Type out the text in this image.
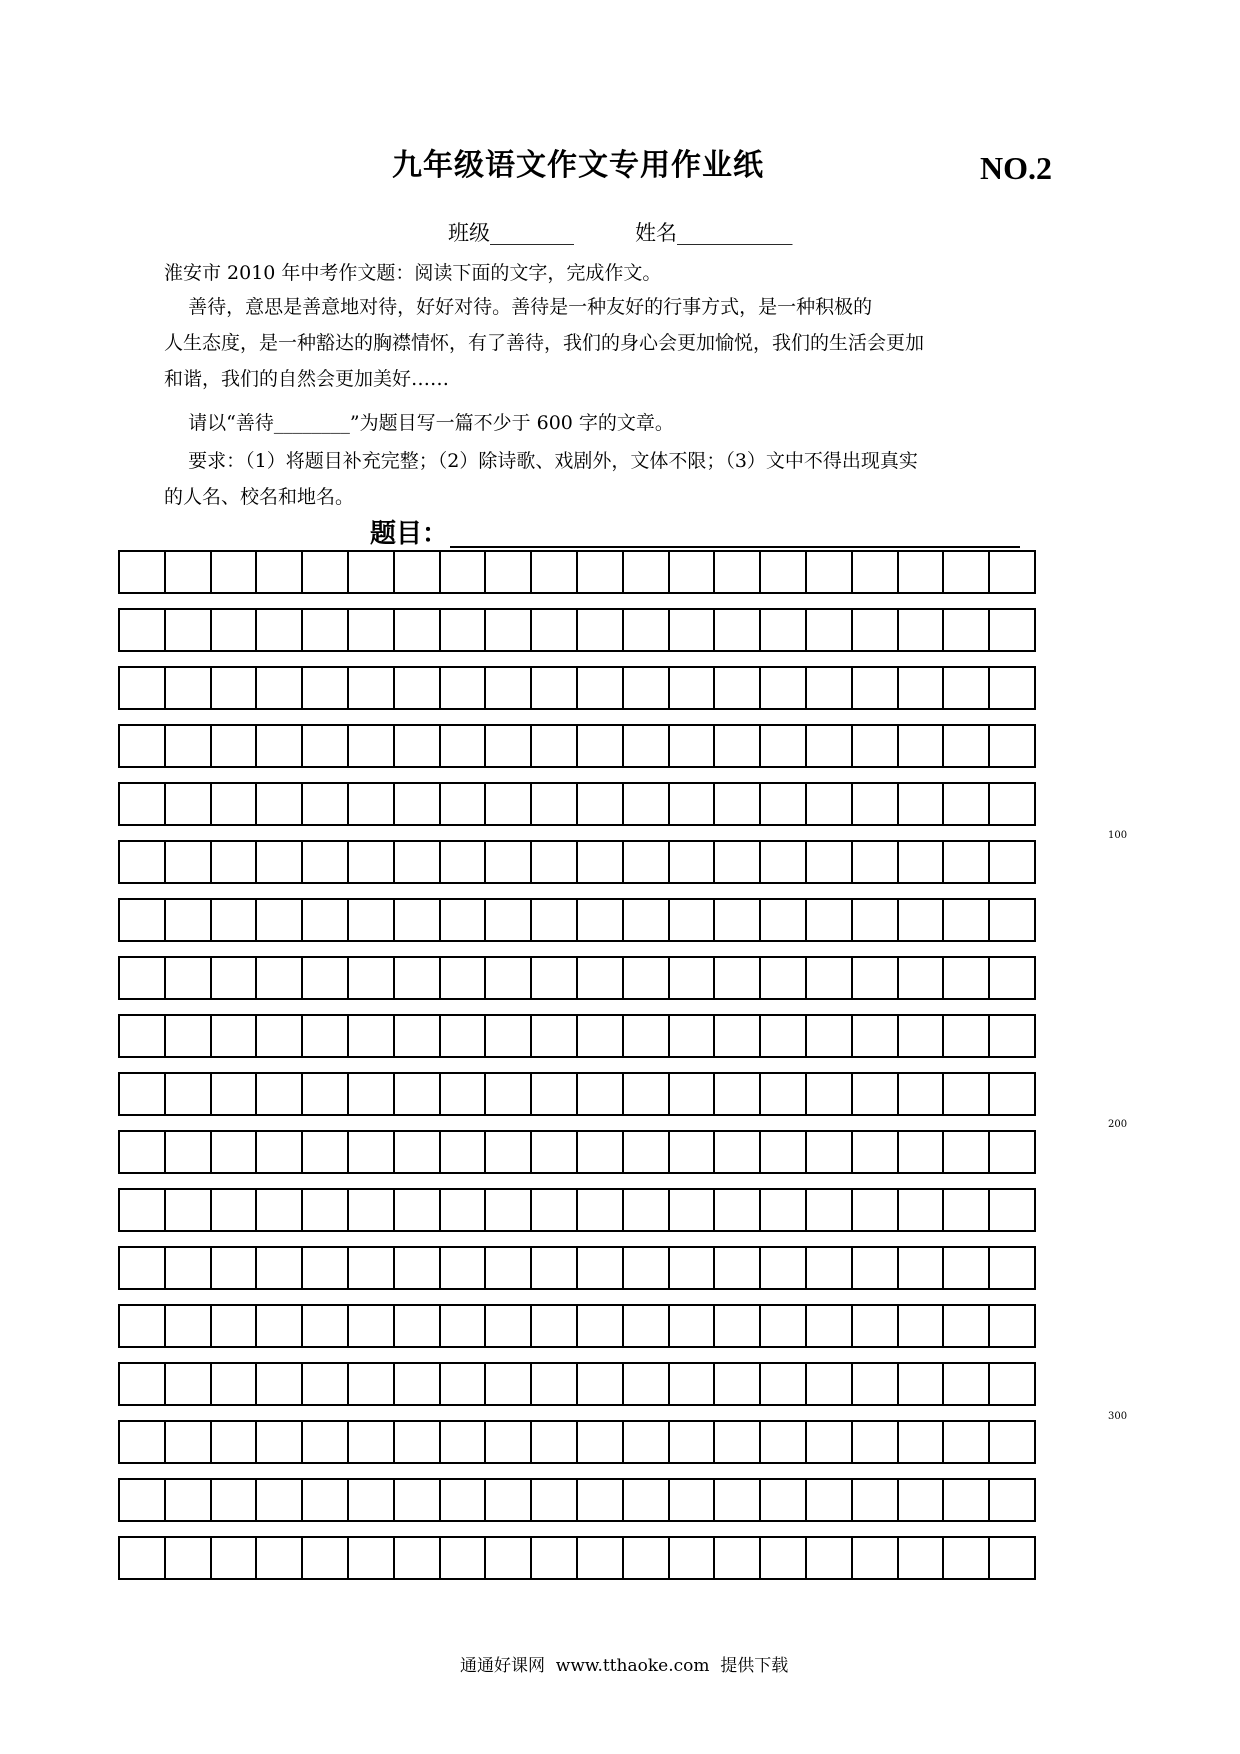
九年级语文作文专用作业纸	NO.2
班级________	姓名___________
淮安市 2010 年中考作文题：阅读下面的文字，完成作文。
善待，意思是善意地对待，好好对待。善待是一种友好的行事方式，是一种积极的
人生态度，是一种豁达的胸襟情怀，有了善待，我们的身心会更加愉悦，我们的生活会更加
和谐，我们的自然会更加美好……
请以“善待________”为题目写一篇不少于 600 字的文章。
要求：（1）将题目补充完整；（2）除诗歌、戏剧外，文体不限；（3）文中不得出现真实
的人名、校名和地名。
题目：
100
200
300
通通好课网  www.tthaoke.com  提供下载
